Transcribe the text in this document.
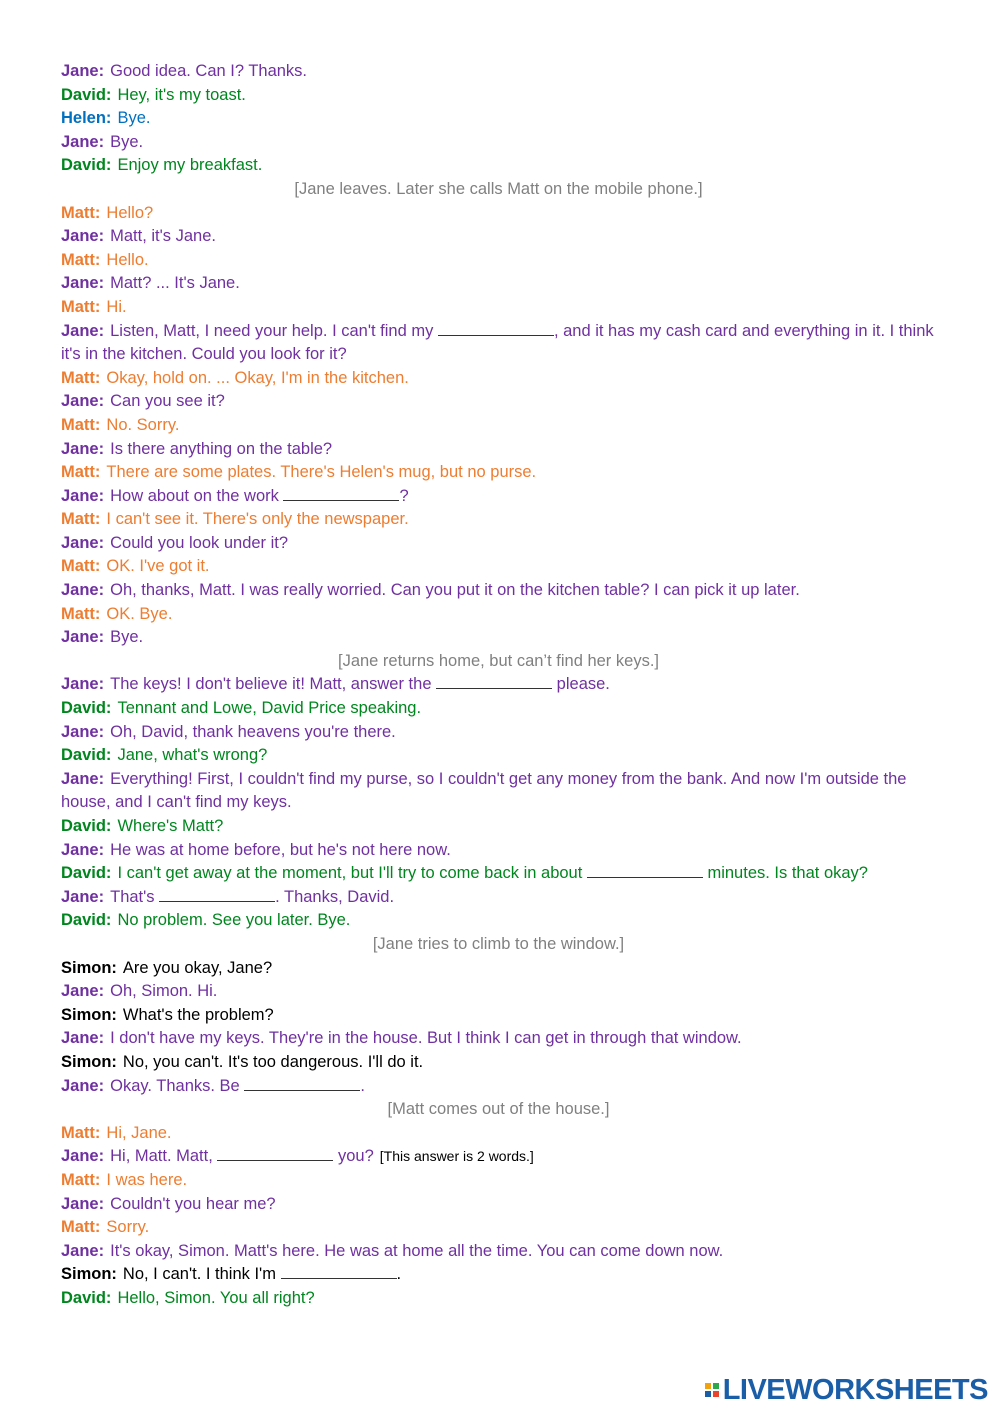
Jane: Good idea. Can I? Thanks.
David: Hey, it's my toast.
Helen: Bye.
Jane: Bye.
David: Enjoy my breakfast.
[Jane leaves. Later she calls Matt on the mobile phone.]
Matt: Hello?
Jane: Matt, it's Jane.
Matt: Hello.
Jane: Matt? ... It's Jane.
Matt: Hi.
Jane: Listen, Matt, I need your help. I can't find my	, and it has my cash card and everything in it. I think it's in the kitchen. Could you look for it?
Matt: Okay, hold on. ... Okay, I'm in the kitchen.
Jane: Can you see it?
Matt: No. Sorry.
Jane: Is there anything on the table?
Matt: There are some plates. There's Helen's mug, but no purse.
Jane: How about on the work	?
Matt: I can't see it. There's only the newspaper.
Jane: Could you look under it?
Matt: OK. I've got it.
Jane: Oh, thanks, Matt. I was really worried. Can you put it on the kitchen table? I can pick it up later.
Matt: OK. Bye.
Jane: Bye.
[Jane returns home, but can’t find her keys.]
Jane: The keys! I don't believe it! Matt, answer the	please.
David: Tennant and Lowe, David Price speaking.
Jane: Oh, David, thank heavens you're there.
David: Jane, what's wrong?
Jane: Everything! First, I couldn't find my purse, so I couldn't get any money from the bank. And now I'm outside the house, and I can't find my keys.
David: Where's Matt?
Jane: He was at home before, but he's not here now.
David: I can't get away at the moment, but I'll try to come back in about	minutes. Is that okay?
Jane: That's	. Thanks, David.
David: No problem. See you later. Bye.
[Jane tries to climb to the window.]
Simon: Are you okay, Jane?
Jane: Oh, Simon. Hi.
Simon: What's the problem?
Jane: I don't have my keys. They're in the house. But I think I can get in through that window.
Simon: No, you can't. It's too dangerous. I'll do it.
Jane: Okay. Thanks. Be	.
[Matt comes out of the house.]
Matt: Hi, Jane.
Jane: Hi, Matt. Matt,	you? [This answer is 2 words.]
Matt: I was here.
Jane: Couldn't you hear me?
Matt: Sorry.
Jane: It's okay, Simon. Matt's here. He was at home all the time. You can come down now.
Simon: No, I can't. I think I'm	.
David: Hello, Simon. You all right?
LIVEWORKSHEETS
